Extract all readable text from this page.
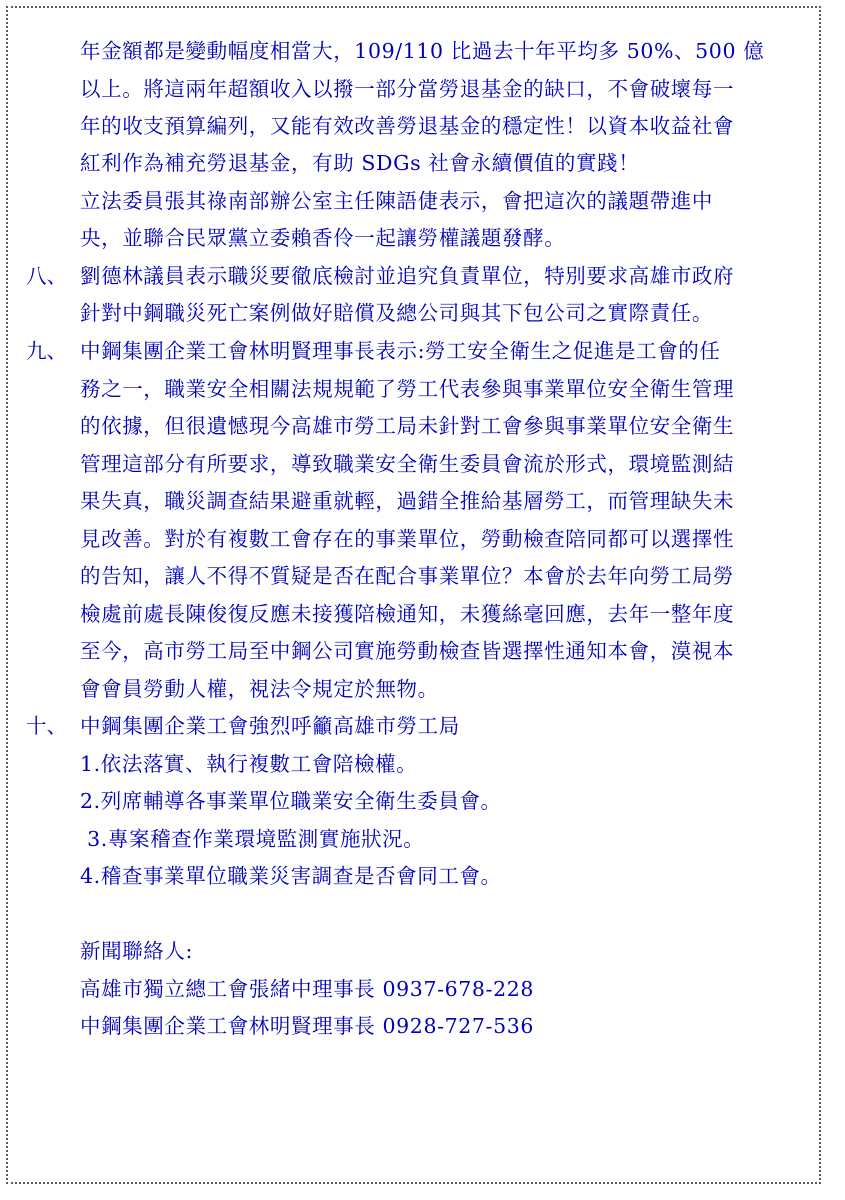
年金額都是變動幅度相當大，109/110 比過去十年平均多 50%、500 億
以上。將這兩年超額收入以撥一部分當勞退基金的缺口，不會破壞每一
年的收支預算編列，又能有效改善勞退基金的穩定性！以資本收益社會
紅利作為補充勞退基金，有助 SDGs 社會永續價值的實踐！
立法委員張其祿南部辦公室主任陳語倢表示，會把這次的議題帶進中
央，並聯合民眾黨立委賴香伶一起讓勞權議題發酵。
八、 劉德林議員表示職災要徹底檢討並追究負責單位，特別要求高雄市政府
針對中鋼職災死亡案例做好賠償及總公司與其下包公司之實際責任。
九、 中鋼集團企業工會林明賢理事長表示:勞工安全衛生之促進是工會的任
務之一，職業安全相關法規規範了勞工代表參與事業單位安全衛生管理
的依據，但很遺憾現今高雄市勞工局未針對工會參與事業單位安全衛生
管理這部分有所要求，導致職業安全衛生委員會流於形式，環境監測結
果失真，職災調查結果避重就輕，過錯全推給基層勞工，而管理缺失未
見改善。對於有複數工會存在的事業單位，勞動檢查陪同都可以選擇性
的告知，讓人不得不質疑是否在配合事業單位？本會於去年向勞工局勞
檢處前處長陳俊復反應未接獲陪檢通知，未獲絲毫回應，去年一整年度
至今，高市勞工局至中鋼公司實施勞動檢查皆選擇性通知本會，漠視本
會會員勞動人權，視法令規定於無物。
十、 中鋼集團企業工會強烈呼籲高雄市勞工局
1.依法落實、執行複數工會陪檢權。
2.列席輔導各事業單位職業安全衛生委員會。
3.專案稽查作業環境監測實施狀況。
4.稽查事業單位職業災害調查是否會同工會。
新聞聯絡人:
高雄市獨立總工會張緒中理事長 0937-678-228
中鋼集團企業工會林明賢理事長 0928-727-536
